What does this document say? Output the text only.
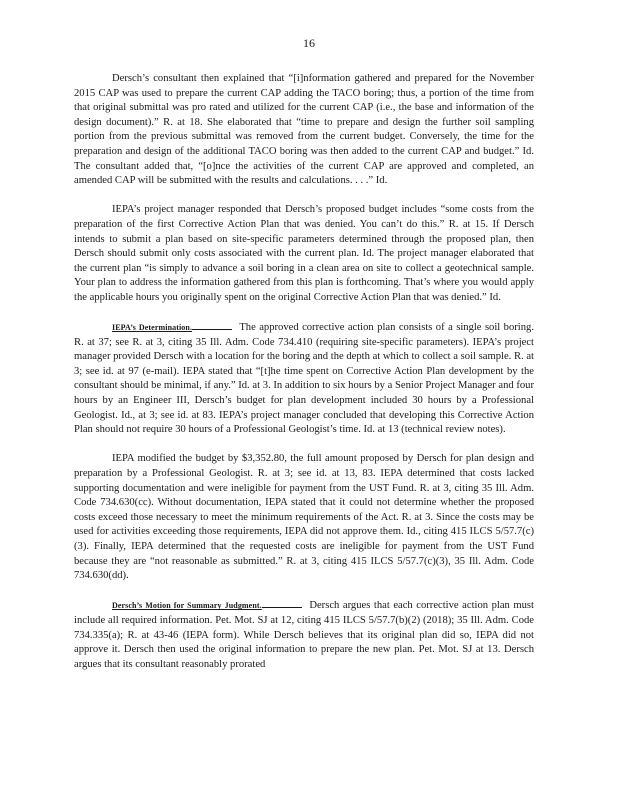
16

Dersch’s consultant then explained that “[i]nformation gathered and prepared for the November 2015 CAP was used to prepare the current CAP adding the TACO boring; thus, a portion of the time from that original submittal was pro rated and utilized for the current CAP (i.e., the base and information of the design document).” R. at 18. She elaborated that “time to prepare and design the further soil sampling portion from the previous submittal was removed from the current budget. Conversely, the time for the preparation and design of the additional TACO boring was then added to the current CAP and budget.” Id. The consultant added that, “[o]nce the activities of the current CAP are approved and completed, an amended CAP will be submitted with the results and calculations. . . .” Id.

IEPA’s project manager responded that Dersch’s proposed budget includes “some costs from the preparation of the first Corrective Action Plan that was denied. You can’t do this.” R. at 15. If Dersch intends to submit a plan based on site-specific parameters determined through the proposed plan, then Dersch should submit only costs associated with the current plan. Id. The project manager elaborated that the current plan “is simply to advance a soil boring in a clean area on site to collect a geotechnical sample. Your plan to address the information gathered from this plan is forthcoming. That’s where you would apply the applicable hours you originally spent on the original Corrective Action Plan that was denied.” Id.

IEPA’s Determination.	The approved corrective action plan consists of a single soil boring. R. at 37; see R. at 3, citing 35 Ill. Adm. Code 734.410 (requiring site-specific parameters). IEPA’s project manager provided Dersch with a location for the boring and the depth at which to collect a soil sample. R. at 3; see id. at 97 (e-mail). IEPA stated that “[t]he time spent on Corrective Action Plan development by the consultant should be minimal, if any.” Id. at 3. In addition to six hours by a Senior Project Manager and four hours by an Engineer III, Dersch’s budget for plan development included 30 hours by a Professional Geologist. Id., at 3; see id. at 83. IEPA’s project manager concluded that developing this Corrective Action Plan should not require 30 hours of a Professional Geologist’s time. Id. at 13 (technical review notes).

IEPA modified the budget by $3,352.80, the full amount proposed by Dersch for plan design and preparation by a Professional Geologist. R. at 3; see id. at 13, 83. IEPA determined that costs lacked supporting documentation and were ineligible for payment from the UST Fund. R. at 3, citing 35 Ill. Adm. Code 734.630(cc). Without documentation, IEPA stated that it could not determine whether the proposed costs exceed those necessary to meet the minimum requirements of the Act. R. at 3. Since the costs may be used for activities exceeding those requirements, IEPA did not approve them. Id., citing 415 ILCS 5/57.7(c)(3). Finally, IEPA determined that the requested costs are ineligible for payment from the UST Fund because they are “not reasonable as submitted.” R. at 3, citing 415 ILCS 5/57.7(c)(3), 35 Ill. Adm. Code 734.630(dd).

Dersch’s Motion for Summary Judgment.	Dersch argues that each corrective action plan must include all required information. Pet. Mot. SJ at 12, citing 415 ILCS 5/57.7(b)(2) (2018); 35 Ill. Adm. Code 734.335(a); R. at 43-46 (IEPA form). While Dersch believes that its original plan did so, IEPA did not approve it. Dersch then used the original information to prepare the new plan. Pet. Mot. SJ at 13. Dersch argues that its consultant reasonably prorated
